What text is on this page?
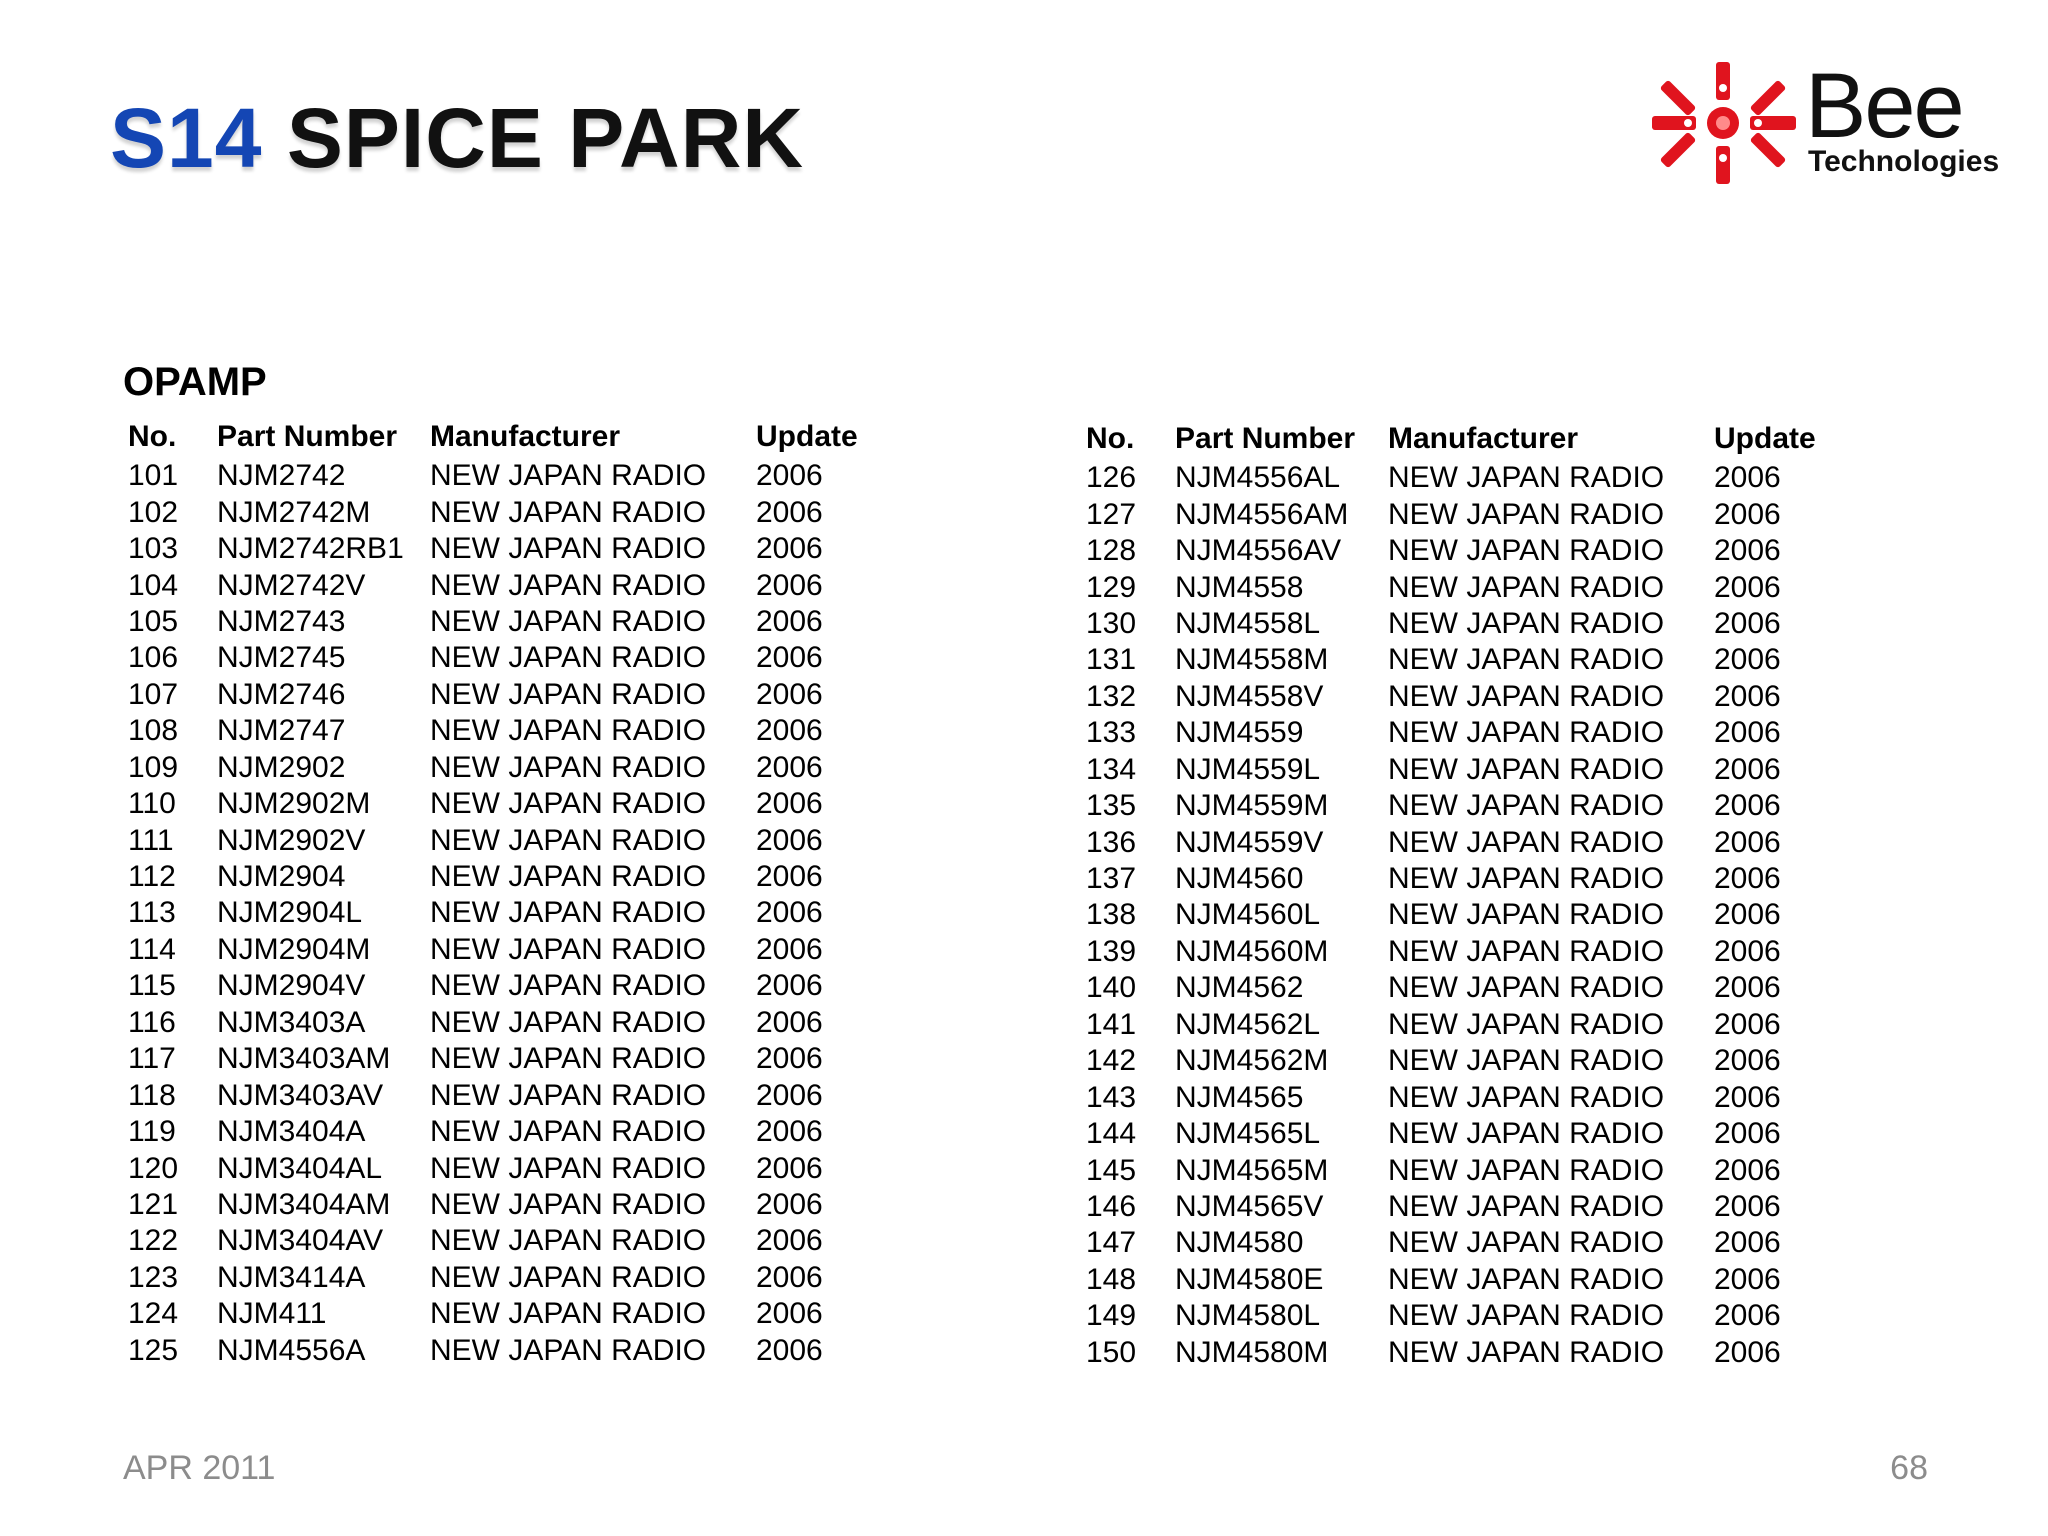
S14 SPICE PARK	Bee
Technologies
OPAMP
No.	Part Number	Manufacturer	Update
101	NJM2742	NEW JAPAN RADIO	2006
102	NJM2742M	NEW JAPAN RADIO	2006
103	NJM2742RB1	NEW JAPAN RADIO	2006
104	NJM2742V	NEW JAPAN RADIO	2006
105	NJM2743	NEW JAPAN RADIO	2006
106	NJM2745	NEW JAPAN RADIO	2006
107	NJM2746	NEW JAPAN RADIO	2006
108	NJM2747	NEW JAPAN RADIO	2006
109	NJM2902	NEW JAPAN RADIO	2006
110	NJM2902M	NEW JAPAN RADIO	2006
111	NJM2902V	NEW JAPAN RADIO	2006
112	NJM2904	NEW JAPAN RADIO	2006
113	NJM2904L	NEW JAPAN RADIO	2006
114	NJM2904M	NEW JAPAN RADIO	2006
115	NJM2904V	NEW JAPAN RADIO	2006
116	NJM3403A	NEW JAPAN RADIO	2006
117	NJM3403AM	NEW JAPAN RADIO	2006
118	NJM3403AV	NEW JAPAN RADIO	2006
119	NJM3404A	NEW JAPAN RADIO	2006
120	NJM3404AL	NEW JAPAN RADIO	2006
121	NJM3404AM	NEW JAPAN RADIO	2006
122	NJM3404AV	NEW JAPAN RADIO	2006
123	NJM3414A	NEW JAPAN RADIO	2006
124	NJM411	NEW JAPAN RADIO	2006
125	NJM4556A	NEW JAPAN RADIO	2006
No.	Part Number	Manufacturer	Update
126	NJM4556AL	NEW JAPAN RADIO	2006
127	NJM4556AM	NEW JAPAN RADIO	2006
128	NJM4556AV	NEW JAPAN RADIO	2006
129	NJM4558	NEW JAPAN RADIO	2006
130	NJM4558L	NEW JAPAN RADIO	2006
131	NJM4558M	NEW JAPAN RADIO	2006
132	NJM4558V	NEW JAPAN RADIO	2006
133	NJM4559	NEW JAPAN RADIO	2006
134	NJM4559L	NEW JAPAN RADIO	2006
135	NJM4559M	NEW JAPAN RADIO	2006
136	NJM4559V	NEW JAPAN RADIO	2006
137	NJM4560	NEW JAPAN RADIO	2006
138	NJM4560L	NEW JAPAN RADIO	2006
139	NJM4560M	NEW JAPAN RADIO	2006
140	NJM4562	NEW JAPAN RADIO	2006
141	NJM4562L	NEW JAPAN RADIO	2006
142	NJM4562M	NEW JAPAN RADIO	2006
143	NJM4565	NEW JAPAN RADIO	2006
144	NJM4565L	NEW JAPAN RADIO	2006
145	NJM4565M	NEW JAPAN RADIO	2006
146	NJM4565V	NEW JAPAN RADIO	2006
147	NJM4580	NEW JAPAN RADIO	2006
148	NJM4580E	NEW JAPAN RADIO	2006
149	NJM4580L	NEW JAPAN RADIO	2006
150	NJM4580M	NEW JAPAN RADIO	2006
APR 2011	68
